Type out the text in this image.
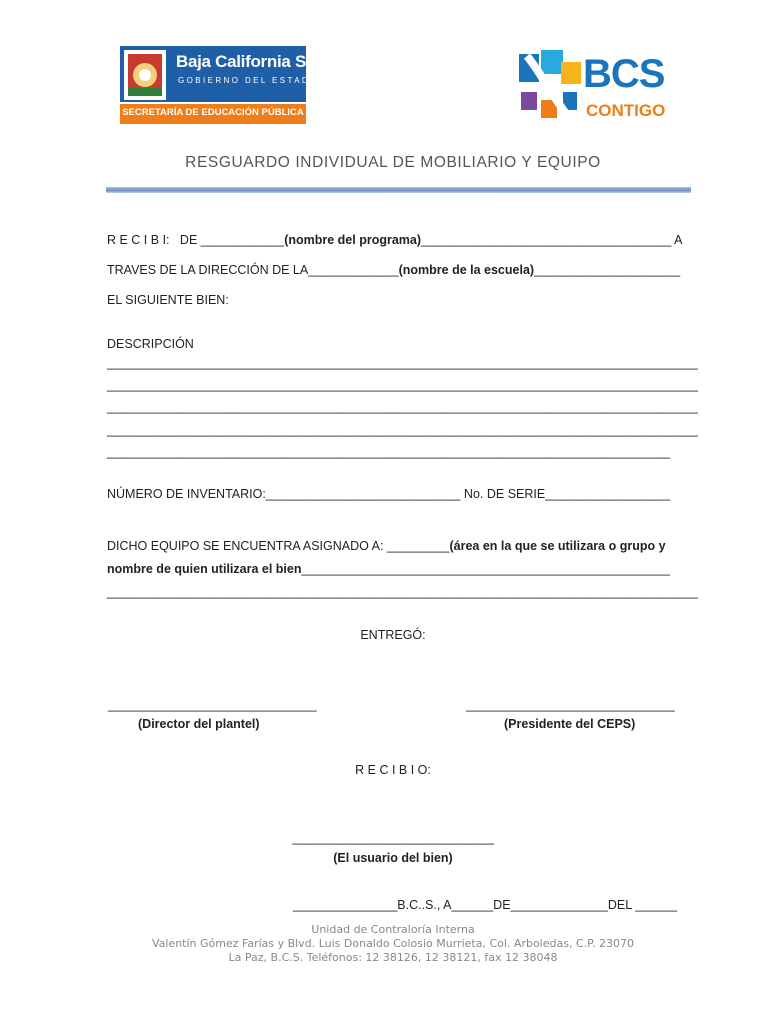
Baja California Sur
GOBIERNO DEL ESTADO
SECRETARÍA DE EDUCACIÓN PÚBLICA
BCS
CONTIGO
RESGUARDO INDIVIDUAL DE MOBILIARIO Y EQUIPO
R E C I B I:   DE ____________(nombre del programa)____________________________________ A
TRAVES DE LA DIRECCIÓN DE LA_____________(nombre de la escuela)_____________________
EL SIGUIENTE BIEN:
DESCRIPCIÓN
_____________________________________________________________________________________
_____________________________________________________________________________________
_____________________________________________________________________________________
_____________________________________________________________________________________
_________________________________________________________________________________
NÚMERO DE INVENTARIO:____________________________ No. DE SERIE__________________
DICHO EQUIPO SE ENCUENTRA ASIGNADO A: _________(área en la que se utilizara o grupo y
nombre de quien utilizara el bien_____________________________________________________
_____________________________________________________________________________________
ENTREGÓ:
______________________________	______________________________
(Director del plantel)	(Presidente del CEPS)
R E C I B I O:
_____________________________
(El usuario del bien)
_______________B.C..S., A______DE______________DEL ______
Unidad de Contraloría Interna
Valentín Gómez Farías y Blvd. Luis Donaldo Colosio Murrieta, Col. Arboledas, C.P. 23070
La Paz, B.C.S. Teléfonos: 12 38126, 12 38121, fax 12 38048
